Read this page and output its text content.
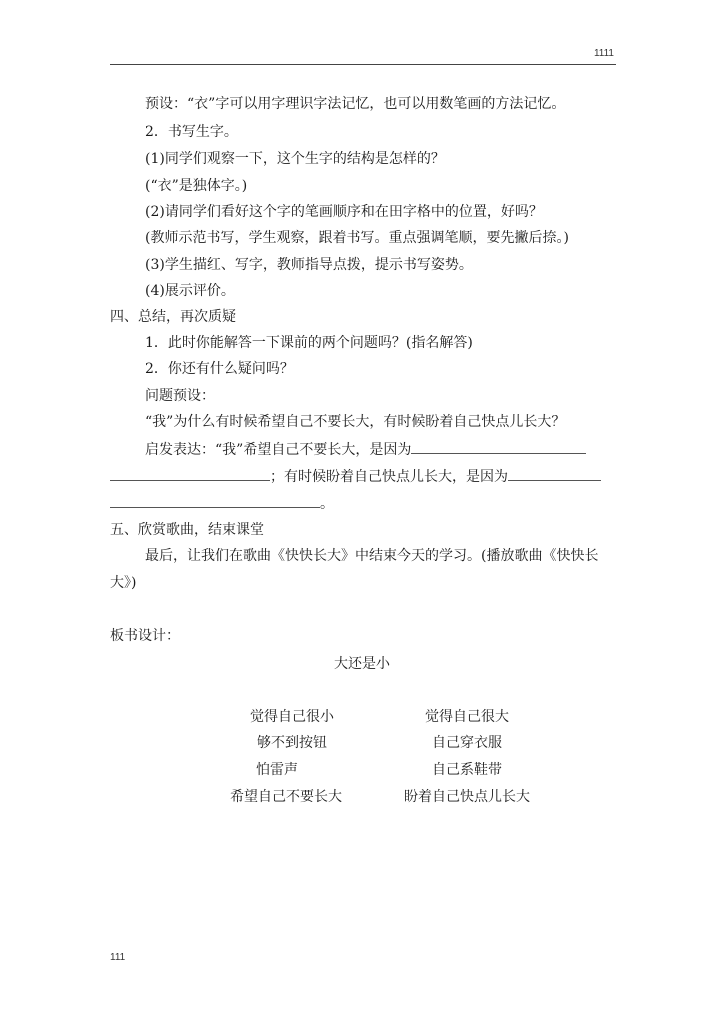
1111
预设：“衣”字可以用字理识字法记忆，也可以用数笔画的方法记忆。
2．书写生字。
(1)同学们观察一下，这个生字的结构是怎样的？
(“衣”是独体字。)
(2)请同学们看好这个字的笔画顺序和在田字格中的位置，好吗？
(教师示范书写，学生观察，跟着书写。重点强调笔顺，要先撇后捺。)
(3)学生描红、写字，教师指导点拨，提示书写姿势。
(4)展示评价。
四、总结，再次质疑
1．此时你能解答一下课前的两个问题吗？(指名解答)
2．你还有什么疑问吗？
问题预设：
“我”为什么有时候希望自己不要长大，有时候盼着自己快点儿长大？
启发表达：“我”希望自己不要长大，是因为
；有时候盼着自己快点儿长大，是因为
。
五、欣赏歌曲，结束课堂
最后，让我们在歌曲《快快长大》中结束今天的学习。(播放歌曲《快快长
大》)
板书设计：
大还是小
觉得自己很小
够不到按钮
怕雷声
希望自己不要长大
觉得自己很大
自己穿衣服
自己系鞋带
盼着自己快点儿长大
111
